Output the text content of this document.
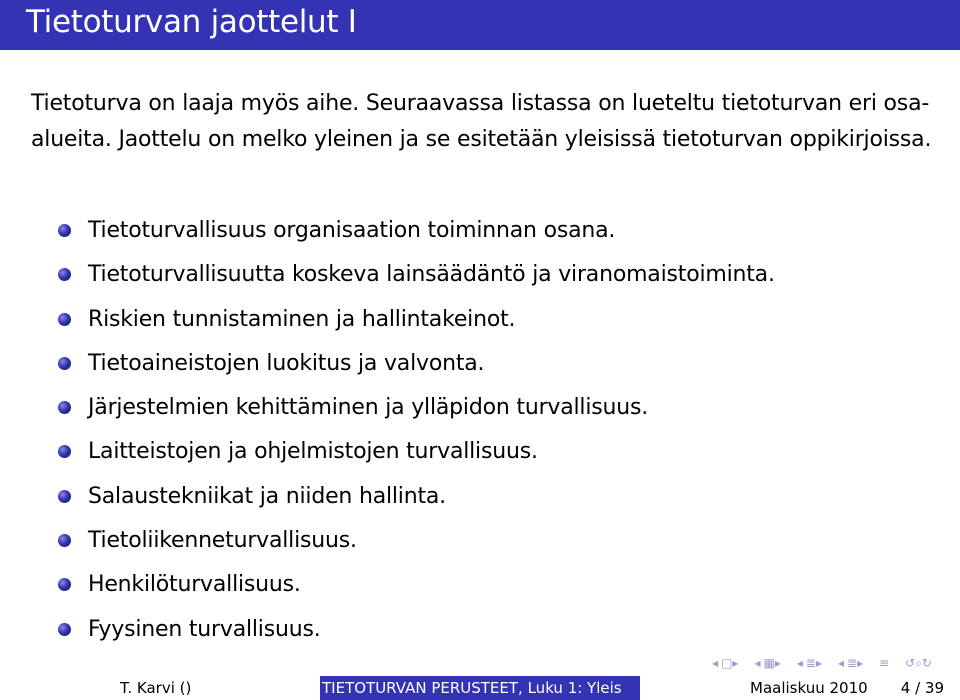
Tietoturvan jaottelut I
Tietoturva on laaja myös aihe. Seuraavassa listassa on lueteltu tietoturvan eri osa-alueita. Jaottelu on melko yleinen ja se esitetään yleisissä tietoturvan oppikirjoissa.
Tietoturvallisuus organisaation toiminnan osana.
Tietoturvallisuutta koskeva lainsäädäntö ja viranomaistoiminta.
Riskien tunnistaminen ja hallintakeinot.
Tietoaineistojen luokitus ja valvonta.
Järjestelmien kehittäminen ja ylläpidon turvallisuus.
Laitteistojen ja ohjelmistojen turvallisuus.
Salaustekniikat ja niiden hallinta.
Tietoliikenneturvallisuus.
Henkilöturvallisuus.
Fyysinen turvallisuus.
◂ □▸ ◂ ▦▸ ◂ ≣▸ ◂ ≣▸ ≡ ↺⌕↻
T. Karvi ()	TIETOTURVAN PERUSTEET, Luku 1: Yleis	Maaliskuu 2010 4 / 39
